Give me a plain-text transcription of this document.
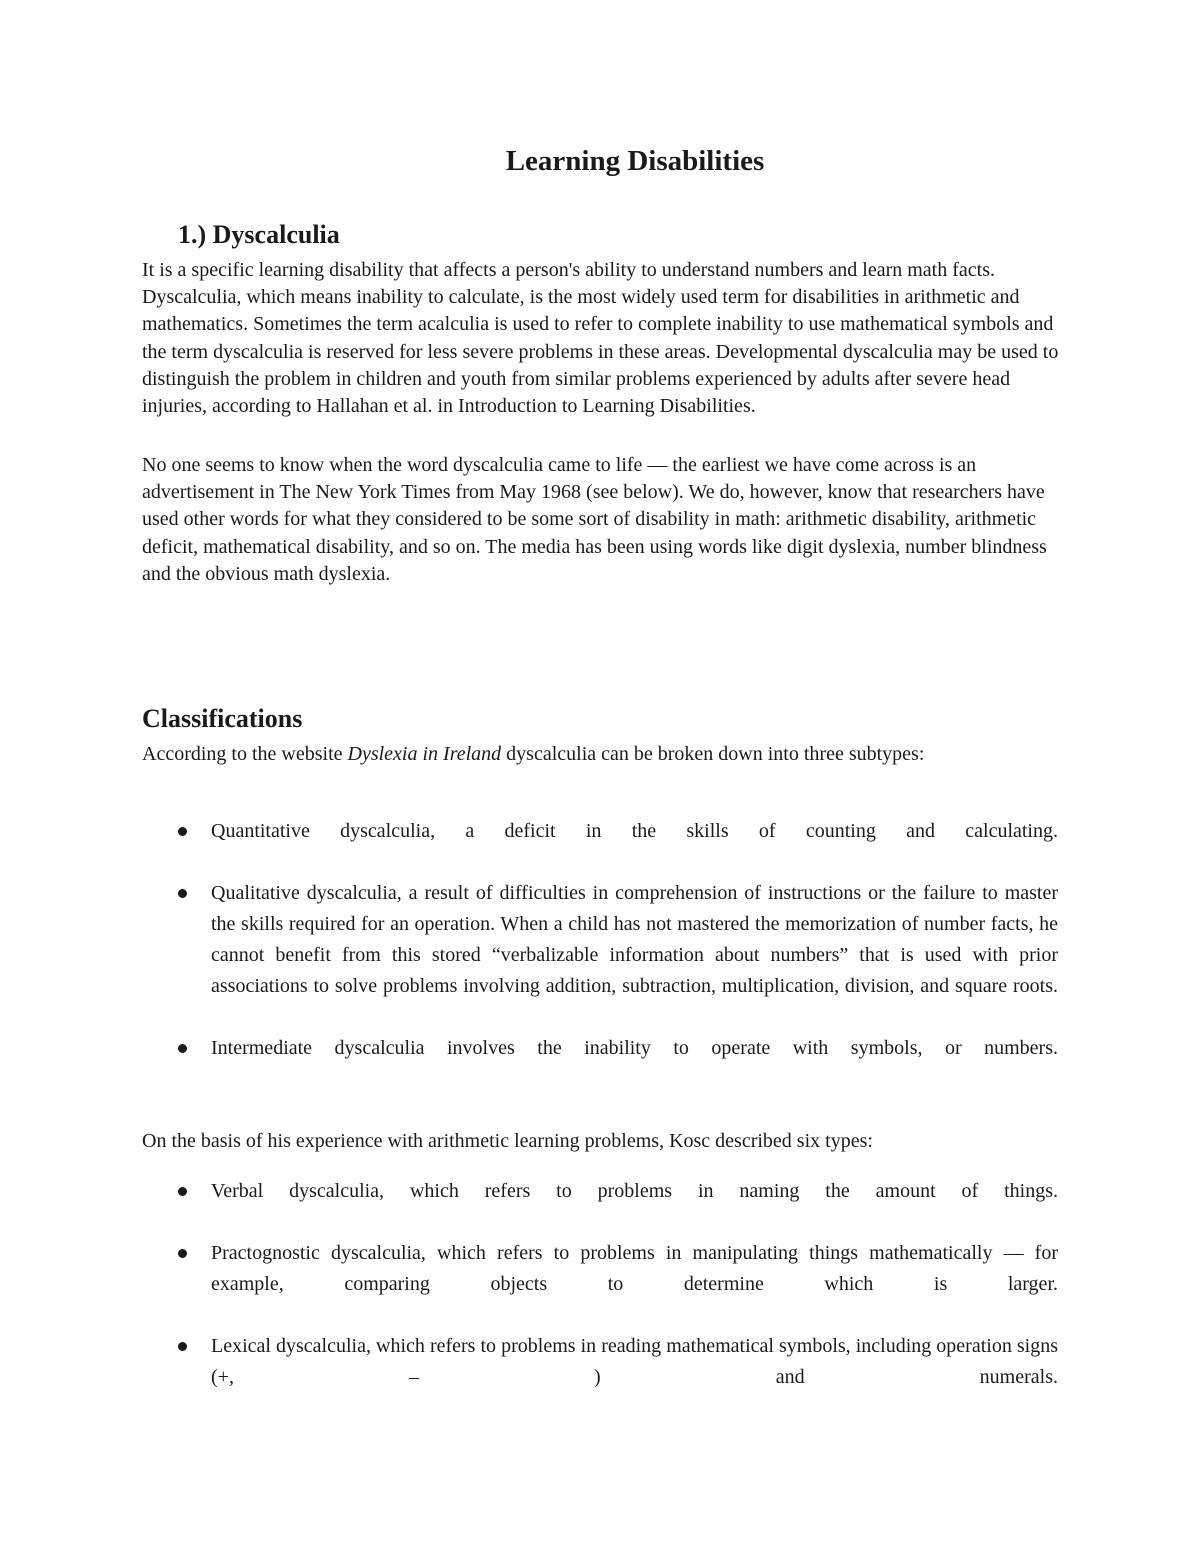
Learning Disabilities
1.) Dyscalculia

It is a specific learning disability that affects a person's ability to understand numbers and learn math facts. Dyscalculia, which means inability to calculate, is the most widely used term for disabilities in arithmetic and mathematics. Sometimes the term acalculia is used to refer to complete inability to use mathematical symbols and the term dyscalculia is reserved for less severe problems in these areas. Developmental dyscalculia may be used to distinguish the problem in children and youth from similar problems experienced by adults after severe head injuries, according to Hallahan et al. in Introduction to Learning Disabilities.

No one seems to know when the word dyscalculia came to life — the earliest we have come across is an advertisement in The New York Times from May 1968 (see below). We do, however, know that researchers have used other words for what they considered to be some sort of disability in math: arithmetic disability, arithmetic deficit, mathematical disability, and so on. The media has been using words like digit dyslexia, number blindness and the obvious math dyslexia.

Classifications

According to the website Dyslexia in Ireland dyscalculia can be broken down into three subtypes:

Quantitative dyscalculia, a deficit in the skills of counting and calculating.
Qualitative dyscalculia, a result of difficulties in comprehension of instructions or the failure to master the skills required for an operation. When a child has not mastered the memorization of number facts, he cannot benefit from this stored “verbalizable information about numbers” that is used with prior associations to solve problems involving addition, subtraction, multiplication, division, and square roots.
Intermediate dyscalculia involves the inability to operate with symbols, or numbers.

On the basis of his experience with arithmetic learning problems, Kosc described six types:

Verbal dyscalculia, which refers to problems in naming the amount of things.
Practognostic dyscalculia, which refers to problems in manipulating things mathematically — for example, comparing objects to determine which is larger.
Lexical dyscalculia, which refers to problems in reading mathematical symbols, including operation signs (+, – ) and numerals.
